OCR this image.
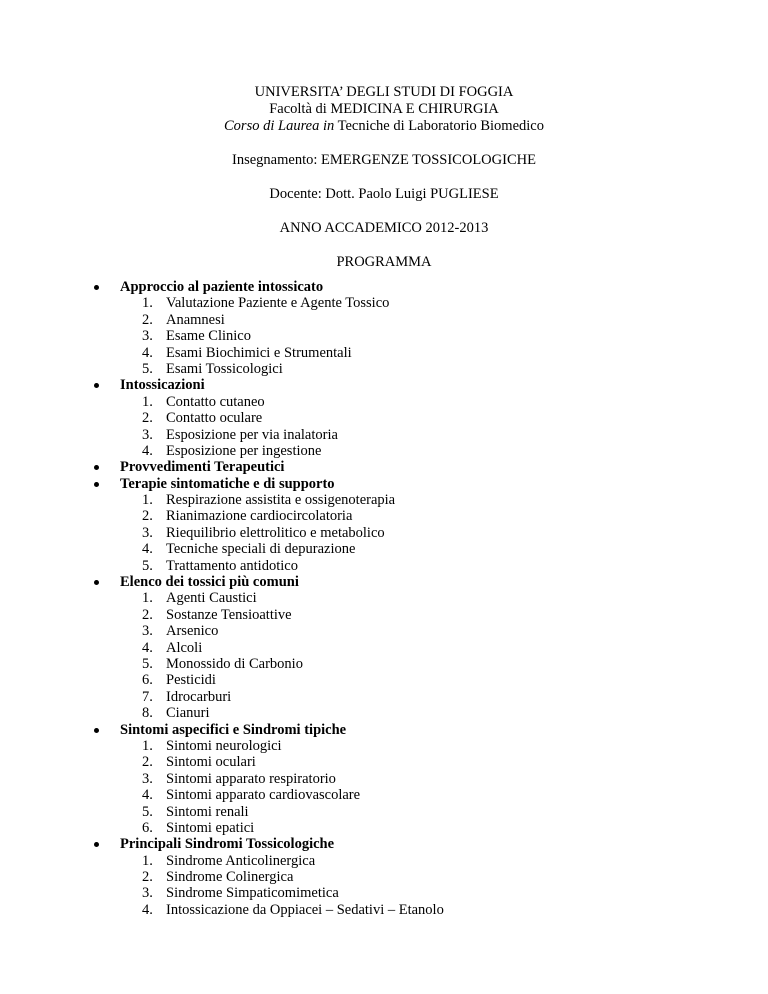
UNIVERSITA’ DEGLI STUDI DI FOGGIA
Facoltà di MEDICINA E CHIRURGIA
Corso di Laurea in Tecniche di Laboratorio Biomedico
Insegnamento: EMERGENZE TOSSICOLOGICHE
Docente: Dott. Paolo Luigi PUGLIESE
ANNO ACCADEMICO 2012-2013
PROGRAMMA
Approccio al paziente intossicato
1. Valutazione Paziente e Agente Tossico
2. Anamnesi
3. Esame Clinico
4. Esami Biochimici e Strumentali
5. Esami Tossicologici
Intossicazioni
1. Contatto cutaneo
2. Contatto oculare
3. Esposizione per via inalatoria
4. Esposizione per ingestione
Provvedimenti Terapeutici
Terapie sintomatiche e di supporto
1. Respirazione assistita e ossigenoterapia
2. Rianimazione cardiocircolatoria
3. Riequilibrio elettrolitico e metabolico
4. Tecniche speciali di depurazione
5. Trattamento antidotico
Elenco dei tossici più comuni
1. Agenti Caustici
2. Sostanze Tensioattive
3. Arsenico
4. Alcoli
5. Monossido di Carbonio
6. Pesticidi
7. Idrocarburi
8. Cianuri
Sintomi aspecifici e Sindromi tipiche
1. Sintomi neurologici
2. Sintomi oculari
3. Sintomi apparato respiratorio
4. Sintomi apparato cardiovascolare
5. Sintomi renali
6. Sintomi epatici
Principali Sindromi Tossicologiche
1. Sindrome Anticolinergica
2. Sindrome Colinergica
3. Sindrome Simpaticomimetica
4. Intossicazione da Oppiacei – Sedativi – Etanolo
